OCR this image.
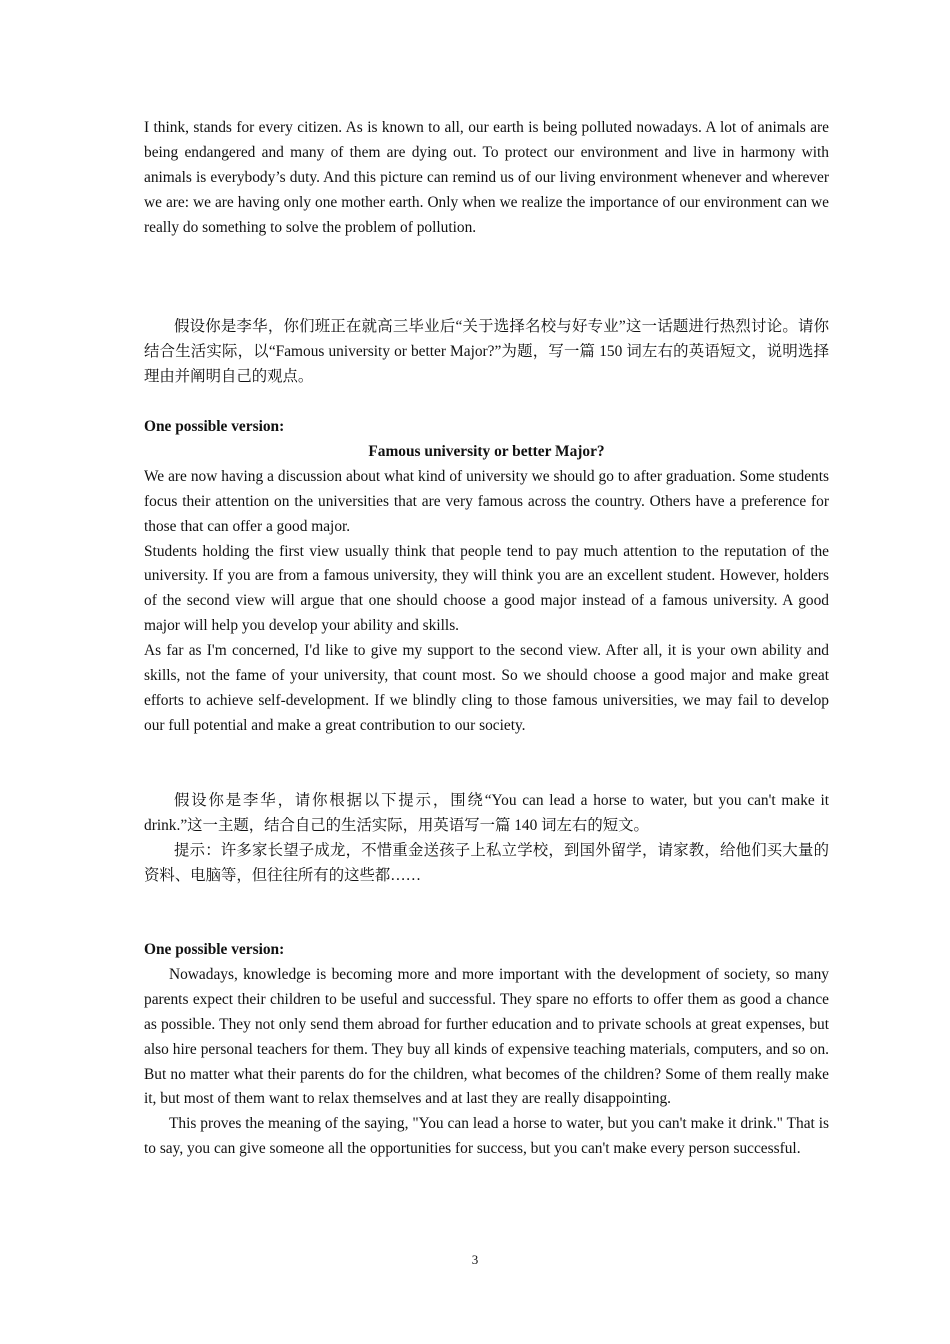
I think, stands for every citizen. As is known to all, our earth is being polluted nowadays. A lot of animals are being endangered and many of them are dying out. To protect our environment and live in harmony with animals is everybody’s duty. And this picture can remind us of our living environment whenever and wherever we are: we are having only one mother earth. Only when we realize the importance of our environment can we really do something to solve the problem of pollution.

假设你是李华，你们班正在就高三毕业后“关于选择名校与好专业”这一话题进行热烈讨论。请你结合生活实际，以“Famous university or better Major?”为题，写一篇 150 词左右的英语短文，说明选择理由并阐明自己的观点。

One possible version:

Famous university or better Major?

We are now having a discussion about what kind of university we should go to after graduation. Some students focus their attention on the universities that are very famous across the country. Others have a preference for those that can offer a good major.

Students holding the first view usually think that people tend to pay much attention to the reputation of the university. If you are from a famous university, they will think you are an excellent student. However, holders of the second view will argue that one should choose a good major instead of a famous university. A good major will help you develop your ability and skills.

As far as I'm concerned, I'd like to give my support to the second view. After all, it is your own ability and skills, not the fame of your university, that count most. So we should choose a good major and make great efforts to achieve self-development. If we blindly cling to those famous universities, we may fail to develop our full potential and make a great contribution to our society.

假设你是李华，请你根据以下提示，围绕“You can lead a horse to water, but you can't make it drink.”这一主题，结合自己的生活实际，用英语写一篇 140 词左右的短文。

提示：许多家长望子成龙，不惜重金送孩子上私立学校，到国外留学，请家教，给他们买大量的资料、电脑等，但往往所有的这些都……

One possible version:

Nowadays, knowledge is becoming more and more important with the development of society, so many parents expect their children to be useful and successful. They spare no efforts to offer them as good a chance as possible. They not only send them abroad for further education and to private schools at great expenses, but also hire personal teachers for them. They buy all kinds of expensive teaching materials, computers, and so on. But no matter what their parents do for the children, what becomes of the children? Some of them really make it, but most of them want to relax themselves and at last they are really disappointing.

This proves the meaning of the saying, "You can lead a horse to water, but you can't make it drink." That is to say, you can give someone all the opportunities for success, but you can't make every person successful.

3
